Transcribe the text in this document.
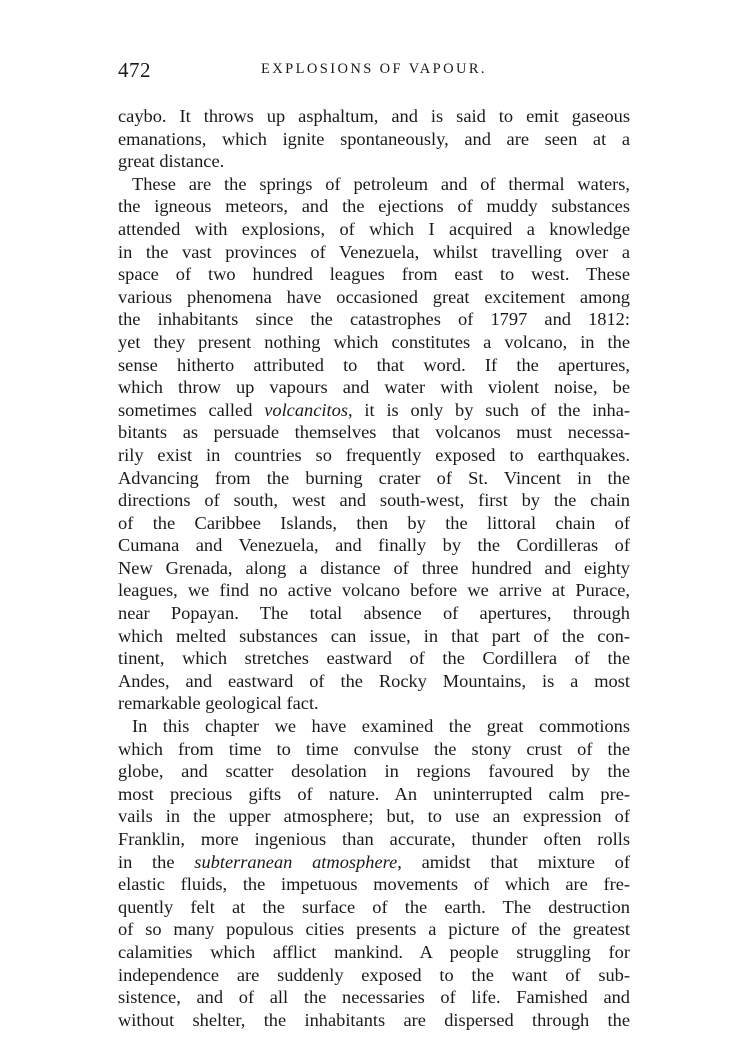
472	EXPLOSIONS OF VAPOUR.
caybo. It throws up asphaltum, and is said to emit gaseous
emanations, which ignite spontaneously, and are seen at a
great distance.
These are the springs of petroleum and of thermal waters,
the igneous meteors, and the ejections of muddy substances
attended with explosions, of which I acquired a knowledge
in the vast provinces of Venezuela, whilst travelling over a
space of two hundred leagues from east to west. These
various phenomena have occasioned great excitement among
the inhabitants since the catastrophes of 1797 and 1812:
yet they present nothing which constitutes a volcano, in the
sense hitherto attributed to that word. If the apertures,
which throw up vapours and water with violent noise, be
sometimes called volcancitos, it is only by such of the inha-
bitants as persuade themselves that volcanos must necessa-
rily exist in countries so frequently exposed to earthquakes.
Advancing from the burning crater of St. Vincent in the
directions of south, west and south-west, first by the chain
of the Caribbee Islands, then by the littoral chain of
Cumana and Venezuela, and finally by the Cordilleras of
New Grenada, along a distance of three hundred and eighty
leagues, we find no active volcano before we arrive at Purace,
near Popayan. The total absence of apertures, through
which melted substances can issue, in that part of the con-
tinent, which stretches eastward of the Cordillera of the
Andes, and eastward of the Rocky Mountains, is a most
remarkable geological fact.
In this chapter we have examined the great commotions
which from time to time convulse the stony crust of the
globe, and scatter desolation in regions favoured by the
most precious gifts of nature. An uninterrupted calm pre-
vails in the upper atmosphere; but, to use an expression of
Franklin, more ingenious than accurate, thunder often rolls
in the subterranean atmosphere, amidst that mixture of
elastic fluids, the impetuous movements of which are fre-
quently felt at the surface of the earth. The destruction
of so many populous cities presents a picture of the greatest
calamities which afflict mankind. A people struggling for
independence are suddenly exposed to the want of sub-
sistence, and of all the necessaries of life. Famished and
without shelter, the inhabitants are dispersed through the
